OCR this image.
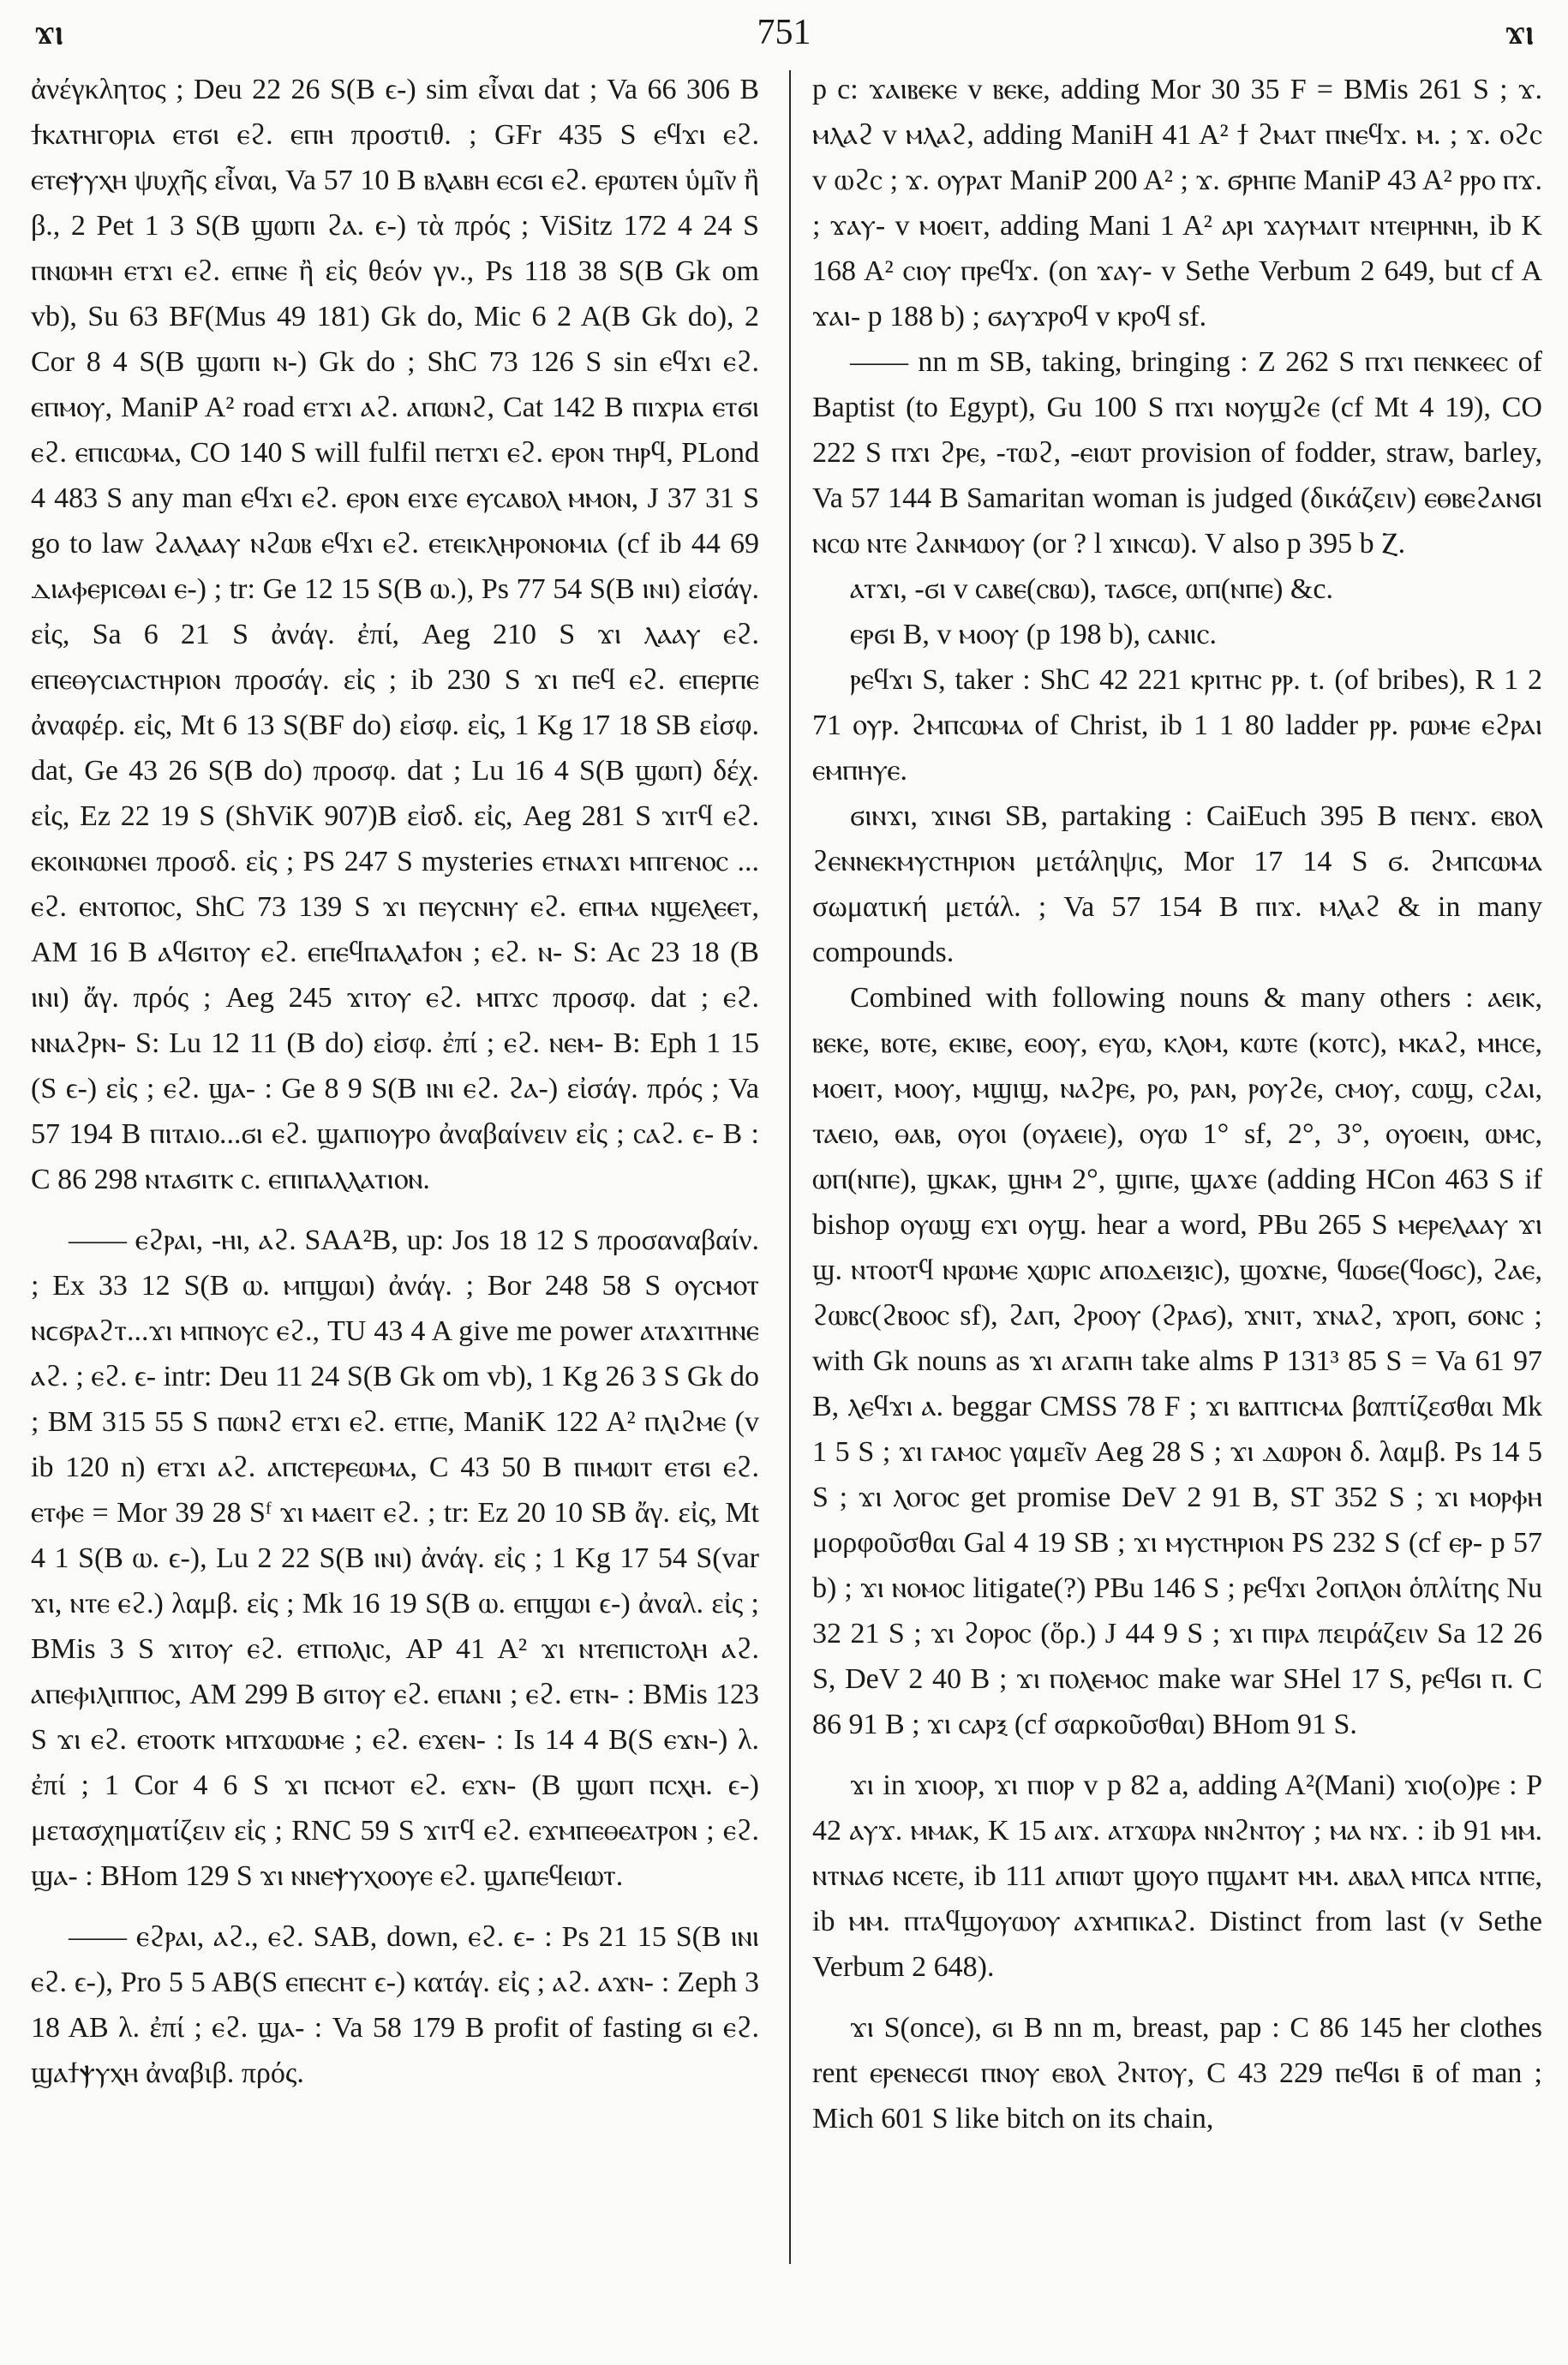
ϫⲓ	751	ϫⲓ

ἀνέγκλητος ; Deu 22 26 S(B ϵ-) sim εἶναι dat ; Va 66 306 B ϯⲕⲁⲧⲏⲅⲟⲣⲓⲁ ⲉⲧϭⲓ ⲉϩ. ⲉⲡⲏ προστιθ. ; GFr 435 S ⲉϥϫⲓ ⲉϩ. ⲉⲧⲉⲯⲩⲭⲏ ψυχῆς εἶναι, Va 57 10 B ⲃⲗⲁⲃⲏ ⲉⲥϭⲓ ⲉϩ. ⲉⲣⲱⲧⲉⲛ ὑμῖν ἢ β., 2 Pet 1 3 S(B ϣⲱⲡⲓ ϩⲁ. ϵ-) τὰ πρός ; ViSitz 172 4 24 S ⲡⲛⲱⲙⲏ ⲉⲧϫⲓ ⲉϩ. ⲉⲡⲛⲉ ἢ εἰς θεόν γν., Ps 118 38 S(B Gk om vb), Su 63 BF(Mus 49 181) Gk do, Mic 6 2 A(B Gk do), 2 Cor 8 4 S(B ϣⲱⲡⲓ ⲛ-) Gk do ; ShC 73 126 S sin ⲉϥϫⲓ ⲉϩ. ⲉⲡⲙⲟⲩ, ManiP A² road ⲉⲧϫⲓ ⲁϩ. ⲁⲡⲱⲛϩ, Cat 142 B ⲡⲓϫⲣⲓⲁ ⲉⲧϭⲓ ⲉϩ. ⲉⲡⲓⲥⲱⲙⲁ, CO 140 S will fulfil ⲡⲉⲧϫⲓ ⲉϩ. ⲉⲣⲟⲛ ⲧⲏⲣϥ, PLond 4 483 S any man ⲉϥϫⲓ ⲉϩ. ⲉⲣⲟⲛ ⲉⲓϫⲉ ⲉⲩⲥⲁⲃⲟⲗ ⲙⲙⲟⲛ, J 37 31 S go to law ϩⲁⲗⲁⲁⲩ ⲛϩⲱⲃ ⲉϥϫⲓ ⲉϩ. ⲉⲧⲉⲓⲕⲗⲏⲣⲟⲛⲟⲙⲓⲁ (cf ib 44 69 ⲇⲓⲁⲫⲉⲣⲓⲥⲑⲁⲓ ⲉ-) ; tr: Ge 12 15 S(B ⲱ.), Ps 77 54 S(B ⲓⲛⲓ) εἰσάγ. εἰς, Sa 6 21 S ἀνάγ. ἐπί, Aeg 210 S ϫⲓ ⲗⲁⲁⲩ ⲉϩ. ⲉⲡⲉⲑⲩⲥⲓⲁⲥⲧⲏⲣⲓⲟⲛ προσάγ. εἰς ; ib 230 S ϫⲓ ⲡⲉϥ ⲉϩ. ⲉⲡⲉⲣⲡⲉ ἀναφέρ. εἰς, Mt 6 13 S(BF do) εἰσφ. εἰς, 1 Kg 17 18 SB εἰσφ. dat, Ge 43 26 S(B do) προσφ. dat ; Lu 16 4 S(B ϣⲱⲡ) δέχ. εἰς, Ez 22 19 S (ShViK 907)B εἰσδ. εἰς, Aeg 281 S ϫⲓⲧϥ ⲉϩ. ⲉⲕⲟⲓⲛⲱⲛⲉⲓ προσδ. εἰς ; PS 247 S mysteries ⲉⲧⲛⲁϫⲓ ⲙⲡⲅⲉⲛⲟⲥ ... ⲉϩ. ⲉⲛⲧⲟⲡⲟⲥ, ShC 73 139 S ϫⲓ ⲡⲉⲩⲥⲛⲏⲩ ⲉϩ. ⲉⲡⲙⲁ ⲛϣⲉⲗⲉⲉⲧ, AM 16 B ⲁϥϭⲓⲧⲟⲩ ⲉϩ. ⲉⲡⲉϥⲡⲁⲗⲁϯⲟⲛ ; ⲉϩ. ⲛ- S: Ac 23 18 (B ⲓⲛⲓ) ἄγ. πρός ; Aeg 245 ϫⲓⲧⲟⲩ ⲉϩ. ⲙⲡϫⲥ προσφ. dat ; ⲉϩ. ⲛⲛⲁϩⲣⲛ- S: Lu 12 11 (B do) εἰσφ. ἐπί ; ⲉϩ. ⲛⲉⲙ- B: Eph 1 15 (S ϵ-) εἰς ; ⲉϩ. ϣⲁ- : Ge 8 9 S(B ⲓⲛⲓ ⲉϩ. ϩⲁ-) εἰσάγ. πρός ; Va 57 194 B ⲡⲓⲧⲁⲓⲟ...ϭⲓ ⲉϩ. ϣⲁⲡⲓⲟⲩⲣⲟ ἀναβαίνειν εἰς ; ⲥⲁϩ. ϵ- B : C 86 298 ⲛⲧⲁϭⲓⲧⲕ ⲥ. ⲉⲡⲓⲡⲁⲗⲗⲁⲧⲓⲟⲛ.

—— ⲉϩⲣⲁⲓ, -ⲏⲓ, ⲁϩ. SAA²B, up: Jos 18 12 S προσαναβαίν. ; Ex 33 12 S(B ⲱ. ⲙⲡϣⲱⲓ) ἀνάγ. ; Bor 248 58 S ⲟⲩⲥⲙⲟⲧ ⲛϲϭⲣⲁϩⲧ...ϫⲓ ⲙⲡⲛⲟⲩⲥ ⲉϩ., TU 43 4 A give me power ⲁⲧⲁϫⲓⲧⲏⲛⲉ ⲁϩ. ; ⲉϩ. ϵ- intr: Deu 11 24 S(B Gk om vb), 1 Kg 26 3 S Gk do ; BM 315 55 S ⲡⲱⲛϩ ⲉⲧϫⲓ ⲉϩ. ⲉⲧⲡⲉ, ManiK 122 A² ⲡⲗⲓϩⲙⲉ (v ib 120 n) ⲉⲧϫⲓ ⲁϩ. ⲁⲡⲥⲧⲉⲣⲉⲱⲙⲁ, C 43 50 B ⲡⲓⲙⲱⲓⲧ ⲉⲧϭⲓ ⲉϩ. ⲉⲧⲫⲉ = Mor 39 28 Sᶠ ϫⲓ ⲙⲁⲉⲓⲧ ⲉϩ. ; tr: Ez 20 10 SB ἄγ. εἰς, Mt 4 1 S(B ⲱ. ϵ-), Lu 2 22 S(B ⲓⲛⲓ) ἀνάγ. εἰς ; 1 Kg 17 54 S(var ϫⲓ, ⲛⲧⲉ ⲉϩ.) λαμβ. εἰς ; Mk 16 19 S(B ⲱ. ⲉⲡϣⲱⲓ ϵ-) ἀναλ. εἰς ; BMis 3 S ϫⲓⲧⲟⲩ ⲉϩ. ⲉⲧⲡⲟⲗⲓⲥ, AP 41 A² ϫⲓ ⲛⲧⲉⲡⲓⲥⲧⲟⲗⲏ ⲁϩ. ⲁⲡⲉⲫⲓⲗⲓⲡⲡⲟⲥ, AM 299 B ϭⲓⲧⲟⲩ ⲉϩ. ⲉⲡⲁⲛⲓ ; ⲉϩ. ⲉⲧⲛ- : BMis 123 S ϫⲓ ⲉϩ. ⲉⲧⲟⲟⲧⲕ ⲙⲡϫⲱⲱⲙⲉ ; ⲉϩ. ⲉϫⲉⲛ- : Is 14 4 B(S ⲉϫⲛ-) λ. ἐπί ; 1 Cor 4 6 S ϫⲓ ⲡⲥⲙⲟⲧ ⲉϩ. ⲉϫⲛ- (B ϣⲱⲡ ⲡⲥⲭⲏ. ϵ-) μετασχηματίζειν εἰς ; RNC 59 S ϫⲓⲧϥ ⲉϩ. ⲉϫⲙⲡⲉⲑⲉⲁⲧⲣⲟⲛ ; ⲉϩ. ϣⲁ- : BHom 129 S ϫⲓ ⲛⲛⲉⲯⲩⲭⲟⲟⲩⲉ ⲉϩ. ϣⲁⲡⲉϥⲉⲓⲱⲧ.

—— ⲉϩⲣⲁⲓ, ⲁϩ., ⲉϩ. SAB, down, ⲉϩ. ϵ- : Ps 21 15 S(B ⲓⲛⲓ ⲉϩ. ϵ-), Pro 5 5 AB(S ⲉⲡⲉⲥⲏⲧ ϵ-) κατάγ. εἰς ; ⲁϩ. ⲁϫⲛ- : Zeph 3 18 AB λ. ἐπί ; ⲉϩ. ϣⲁ- : Va 58 179 B profit of fasting ϭⲓ ⲉϩ. ϣⲁϯⲯⲩⲭⲏ ἀναβιβ. πρός.

p c: ϫⲁⲓⲃⲉⲕⲉ v ⲃⲉⲕⲉ, adding Mor 30 35 F = BMis 261 S ; ϫ. ⲙⲗⲁϩ v ⲙⲗⲁϩ, adding ManiH 41 A² ϯ ϩⲙⲁⲧ ⲡⲛⲉϥϫ. ⲙ. ; ϫ. ⲟϩⲥ v ⲱϩⲥ ; ϫ. ⲟⲩⲣⲁⲧ ManiP 200 A² ; ϫ. ϭⲣⲏⲡⲉ ManiP 43 A² ⲣⲣⲟ ⲡϫ. ; ϫⲁⲩ- v ⲙⲟⲉⲓⲧ, adding Mani 1 A² ⲁⲣⲓ ϫⲁⲩⲙⲁⲓⲧ ⲛⲧⲉⲓⲣⲏⲛⲏ, ib K 168 A² ⲥⲓⲟⲩ ⲡⲣⲉϥϫ. (on ϫⲁⲩ- v Sethe Verbum 2 649, but cf A ϫⲁⲓ- p 188 b) ; ϭⲁⲩϫⲣⲟϥ v ⲕⲣⲟϥ sf.

—— nn m SB, taking, bringing : Z 262 S ⲡϫⲓ ⲡⲉⲛⲕⲉⲉⲥ of Baptist (to Egypt), Gu 100 S ⲡϫⲓ ⲛⲟⲩϣϩⲉ (cf Mt 4 19), CO 222 S ⲡϫⲓ ϩⲣⲉ, -ⲧⲱϩ, -ⲉⲓⲱⲧ provision of fodder, straw, barley, Va 57 144 B Samaritan woman is judged (δικάζειν) ⲉⲑⲃⲉϩⲁⲛϭⲓ ⲛⲥⲱ ⲛⲧⲉ ϩⲁⲛⲙⲱⲟⲩ (or ? l ϫⲓⲛⲥⲱ). V also p 395 b Ⲍ.

ⲁⲧϫⲓ, -ϭⲓ v ⲥⲁⲃⲉ(ⲥⲃⲱ), ⲧⲁϭⲥⲉ, ⲱⲡ(ⲛⲡⲉ) &c.

ⲉⲣϭⲓ B, v ⲙⲟⲟⲩ (p 198 b), ⲥⲁⲛⲓⲥ.

ⲣⲉϥϫⲓ S, taker : ShC 42 221 ⲕⲣⲓⲧⲏⲥ ⲣⲣ. t. (of bribes), R 1 2 71 ⲟⲩⲣ. ϩⲙⲡⲥⲱⲙⲁ of Christ, ib 1 1 80 ladder ⲣⲣ. ⲣⲱⲙⲉ ⲉϩⲣⲁⲓ ⲉⲙⲡⲏⲩⲉ.

ϭⲓⲛϫⲓ, ϫⲓⲛϭⲓ SB, partaking : CaiEuch 395 B ⲡⲉⲛϫ. ⲉⲃⲟⲗ ϩⲉⲛⲛⲉⲕⲙⲩⲥⲧⲏⲣⲓⲟⲛ μετάληψις, Mor 17 14 S ϭ. ϩⲙⲡⲥⲱⲙⲁ σωματική μετάλ. ; Va 57 154 B ⲡⲓϫ. ⲙⲗⲁϩ & in many compounds.

Combined with following nouns & many others : ⲁⲉⲓⲕ, ⲃⲉⲕⲉ, ⲃⲟⲧⲉ, ⲉⲕⲓⲃⲉ, ⲉⲟⲟⲩ, ⲉⲩⲱ, ⲕⲗⲟⲙ, ⲕⲱⲧⲉ (ⲕⲟⲧⲥ), ⲙⲕⲁϩ, ⲙⲏⲥⲉ, ⲙⲟⲉⲓⲧ, ⲙⲟⲟⲩ, ⲙϣⲓϣ, ⲛⲁϩⲣⲉ, ⲣⲟ, ⲣⲁⲛ, ⲣⲟⲩϩⲉ, ⲥⲙⲟⲩ, ⲥⲱϣ, ⲥϩⲁⲓ, ⲧⲁⲉⲓⲟ, ⲑⲁⲃ, ⲟⲩⲟⲓ (ⲟⲩⲁⲉⲓⲉ), ⲟⲩⲱ 1° sf, 2°, 3°, ⲟⲩⲟⲉⲓⲛ, ⲱⲙⲥ, ⲱⲡ(ⲛⲡⲉ), ϣⲕⲁⲕ, ϣⲏⲙ 2°, ϣⲓⲡⲉ, ϣⲁϫⲉ (adding HCon 463 S if bishop ⲟⲩⲱϣ ⲉϫⲓ ⲟⲩϣ. hear a word, PBu 265 S ⲙⲉⲣⲉⲗⲁⲁⲩ ϫⲓ ϣ. ⲛⲧⲟⲟⲧϥ ⲛⲣⲱⲙⲉ ⲭⲱⲣⲓⲥ ⲁⲡⲟⲇⲉⲓⲝⲓⲥ), ϣⲟϫⲛⲉ, ϥⲱϭⲉ(ϥⲟϭⲥ), ϩⲁⲉ, ϩⲱⲃⲥ(ϩⲃⲟⲟⲥ sf), ϩⲁⲡ, ϩⲣⲟⲟⲩ (ϩⲣⲁϭ), ϫⲛⲓⲧ, ϫⲛⲁϩ, ϫⲣⲟⲡ, ϭⲟⲛⲥ ; with Gk nouns as ϫⲓ ⲁⲅⲁⲡⲏ take alms P 131³ 85 S = Va 61 97 B, ⲗⲉϥϫⲓ ⲁ. beggar CMSS 78 F ; ϫⲓ ⲃⲁⲡⲧⲓⲥⲙⲁ βαπτίζεσθαι Mk 1 5 S ; ϫⲓ ⲅⲁⲙⲟⲥ γαμεῖν Aeg 28 S ; ϫⲓ ⲇⲱⲣⲟⲛ δ. λαμβ. Ps 14 5 S ; ϫⲓ ⲗⲟⲅⲟⲥ get promise DeV 2 91 B, ST 352 S ; ϫⲓ ⲙⲟⲣⲫⲏ μορφοῦσθαι Gal 4 19 SB ; ϫⲓ ⲙⲩⲥⲧⲏⲣⲓⲟⲛ PS 232 S (cf ⲉⲣ- p 57 b) ; ϫⲓ ⲛⲟⲙⲟⲥ litigate(?) PBu 146 S ; ⲣⲉϥϫⲓ ϩⲟⲡⲗⲟⲛ ὁπλίτης Nu 32 21 S ; ϫⲓ ϩⲟⲣⲟⲥ (ὅρ.) J 44 9 S ; ϫⲓ ⲡⲓⲣⲁ πειράζειν Sa 12 26 S, DeV 2 40 B ; ϫⲓ ⲡⲟⲗⲉⲙⲟⲥ make war SHel 17 S, ⲣⲉϥϭⲓ ⲡ. C 86 91 B ; ϫⲓ ⲥⲁⲣⲝ (cf σαρκοῦσθαι) BHom 91 S.

ϫⲓ in ϫⲓⲟⲟⲣ, ϫⲓ ⲡⲓⲟⲣ v p 82 a, adding A²(Mani) ϫⲓⲟ(ⲟ)ⲣⲉ : P 42 ⲁⲩϫ. ⲙⲙⲁⲕ, K 15 ⲁⲓϫ. ⲁⲧϫⲱⲣⲁ ⲛⲛϩⲛⲧⲟⲩ ; ⲙⲁ ⲛϫ. : ib 91 ⲙⲙ. ⲛⲧⲛⲁϭ ⲛⲥⲉⲧⲉ, ib 111 ⲁⲡⲓⲱⲧ ϣⲟⲩⲟ ⲡϣⲁⲙⲧ ⲙⲙ. ⲁⲃⲁⲗ ⲙⲡⲥⲁ ⲛⲧⲡⲉ, ib ⲙⲙ. ⲡⲧⲁϥϣⲟⲩⲱⲟⲩ ⲁϫⲙⲡⲓⲕⲁϩ. Distinct from last (v Sethe Verbum 2 648).

ϫⲓ S(once), ϭⲓ B nn m, breast, pap : C 86 145 her clothes rent ⲉⲣⲉⲛⲉⲥϭⲓ ⲡⲛⲟⲩ ⲉⲃⲟⲗ ϩⲛⲧⲟⲩ, C 43 229 ⲡⲉϥϭⲓ ⲃ̄ of man ; Mich 601 S like bitch on its chain,
